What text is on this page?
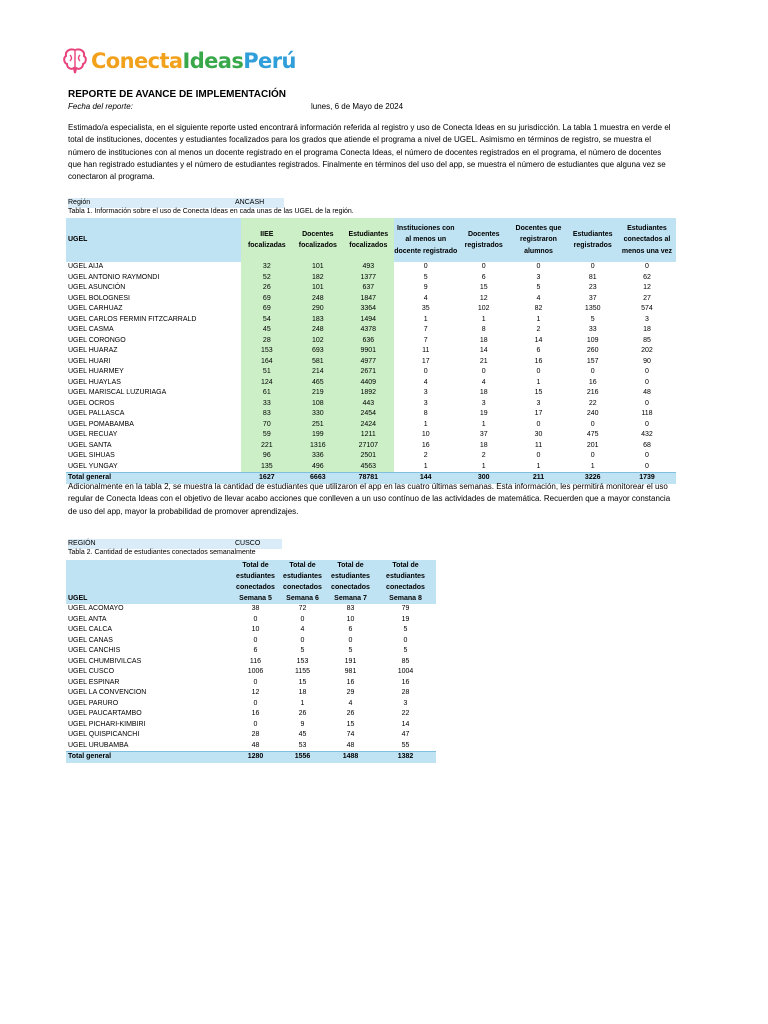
ConectaIdeasPerú
REPORTE DE AVANCE DE IMPLEMENTACIÓN
Fecha del reporte:	lunes, 6 de Mayo de 2024
Estimado/a especialista, en el siguiente reporte usted encontrará información referida al registro y uso de Conecta Ideas en su jurisdicción. La tabla 1 muestra en verde el total de instituciones, docentes y estudiantes focalizados para los grados que atiende el programa a nivel de UGEL. Asimismo en términos de registro, se muestra el número de instituciones con al menos un docente registrado en el programa Conecta Ideas, el número de docentes registrados en el programa, el número de docentes que han registrado estudiantes y el número de estudiantes registrados. Finalmente en términos del uso del app, se muestra el número de estudiantes que alguna vez se conectaron al programa.
Región	ANCASH
Tabla 1. Información sobre el uso de Conecta Ideas en cada unas de las UGEL de la región.
UGEL	IIEE focalizadas	Docentes focalizados	Estudiantes focalizados	Instituciones con al menos un docente registrado	Docentes registrados	Docentes que registraron alumnos	Estudiantes registrados	Estudiantes conectados al menos una vez
UGEL AIJA	32	101	493	0	0	0	0	0
UGEL ANTONIO RAYMONDI	52	182	1377	5	6	3	81	62
UGEL ASUNCIÓN	26	101	637	9	15	5	23	12
UGEL BOLOGNESI	69	248	1847	4	12	4	37	27
UGEL CARHUAZ	69	290	3364	35	102	82	1350	574
UGEL CARLOS FERMIN FITZCARRALD	54	183	1494	1	1	1	5	3
UGEL CASMA	45	248	4378	7	8	2	33	18
UGEL CORONGO	28	102	636	7	18	14	109	85
UGEL HUARAZ	153	693	9901	11	14	6	260	202
UGEL HUARI	164	581	4977	17	21	16	157	90
UGEL HUARMEY	51	214	2671	0	0	0	0	0
UGEL HUAYLAS	124	465	4409	4	4	1	16	0
UGEL MARISCAL LUZURIAGA	61	219	1892	3	18	15	216	48
UGEL OCROS	33	108	443	3	3	3	22	0
UGEL PALLASCA	83	330	2454	8	19	17	240	118
UGEL POMABAMBA	70	251	2424	1	1	0	0	0
UGEL RECUAY	59	199	1211	10	37	30	475	432
UGEL SANTA	221	1316	27107	16	18	11	201	68
UGEL SIHUAS	96	336	2501	2	2	0	0	0
UGEL YUNGAY	135	496	4563	1	1	1	1	0
Total general	1627	6663	78781	144	300	211	3226	1739
Adicionalmente en la tabla 2, se muestra la cantidad de estudiantes que utilizaron el app en las cuatro últimas semanas. Esta información, les permitirá monitorear el uso regular de Conecta Ideas con el objetivo de llevar acabo acciones que conlleven a un uso contínuo de las actividades de matemática. Recuerden que a mayor constancia de uso del app, mayor la probabilidad de promover aprendizajes.
REGIÓN	CUSCO
Tabla 2. Cantidad de estudiantes conectados semanalmente
UGEL	Total de estudiantes conectados Semana 5	Total de estudiantes conectados Semana 6	Total de estudiantes conectados Semana 7	Total de estudiantes conectados Semana 8
UGEL ACOMAYO	38	72	83	79
UGEL ANTA	0	0	10	19
UGEL CALCA	10	4	6	5
UGEL CANAS	0	0	0	0
UGEL CANCHIS	6	5	5	5
UGEL CHUMBIVILCAS	116	153	191	85
UGEL CUSCO	1006	1155	981	1004
UGEL ESPINAR	0	15	16	16
UGEL LA CONVENCION	12	18	29	28
UGEL PARURO	0	1	4	3
UGEL PAUCARTAMBO	16	26	26	22
UGEL PICHARI-KIMBIRI	0	9	15	14
UGEL QUISPICANCHI	28	45	74	47
UGEL URUBAMBA	48	53	48	55
Total general	1280	1556	1488	1382
